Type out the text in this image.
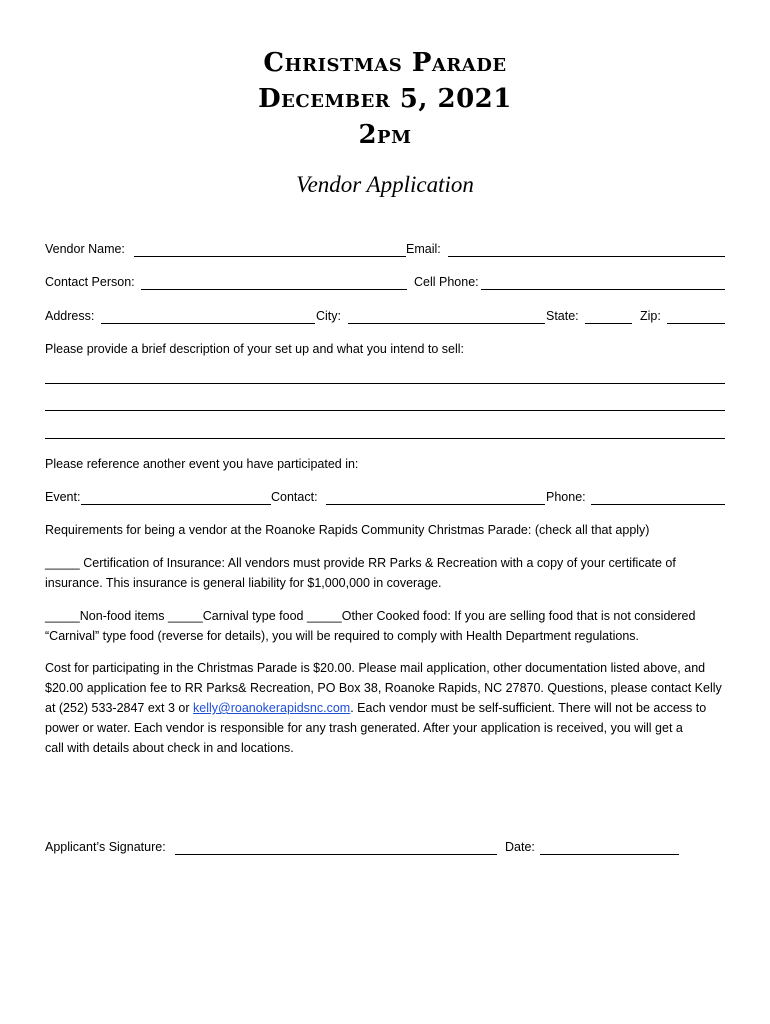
Christmas Parade
December 5, 2021
2pm
Vendor Application
Vendor Name:	Email:
Contact Person:	Cell Phone:
Address:	City:	State:	Zip:
Please provide a brief description of your set up and what you intend to sell:
Please reference another event you have participated in:
Event:	Contact:	Phone:
Requirements for being a vendor at the Roanoke Rapids Community Christmas Parade: (check all that apply)
_____ Certification of Insurance: All vendors must provide RR Parks & Recreation with a copy of your certificate of
insurance. This insurance is general liability for $1,000,000 in coverage.
_____Non-food items _____Carnival type food _____Other Cooked food: If you are selling food that is not considered
“Carnival” type food (reverse for details), you will be required to comply with Health Department regulations.
Cost for participating in the Christmas Parade is $20.00. Please mail application, other documentation listed above, and
$20.00 application fee to RR Parks& Recreation, PO Box 38, Roanoke Rapids, NC 27870. Questions, please contact Kelly
at (252) 533-2847 ext 3 or kelly@roanokerapidsnc.com. Each vendor must be self-sufficient. There will not be access to
power or water. Each vendor is responsible for any trash generated. After your application is received, you will get a
call with details about check in and locations.
Applicant’s Signature:	Date:
